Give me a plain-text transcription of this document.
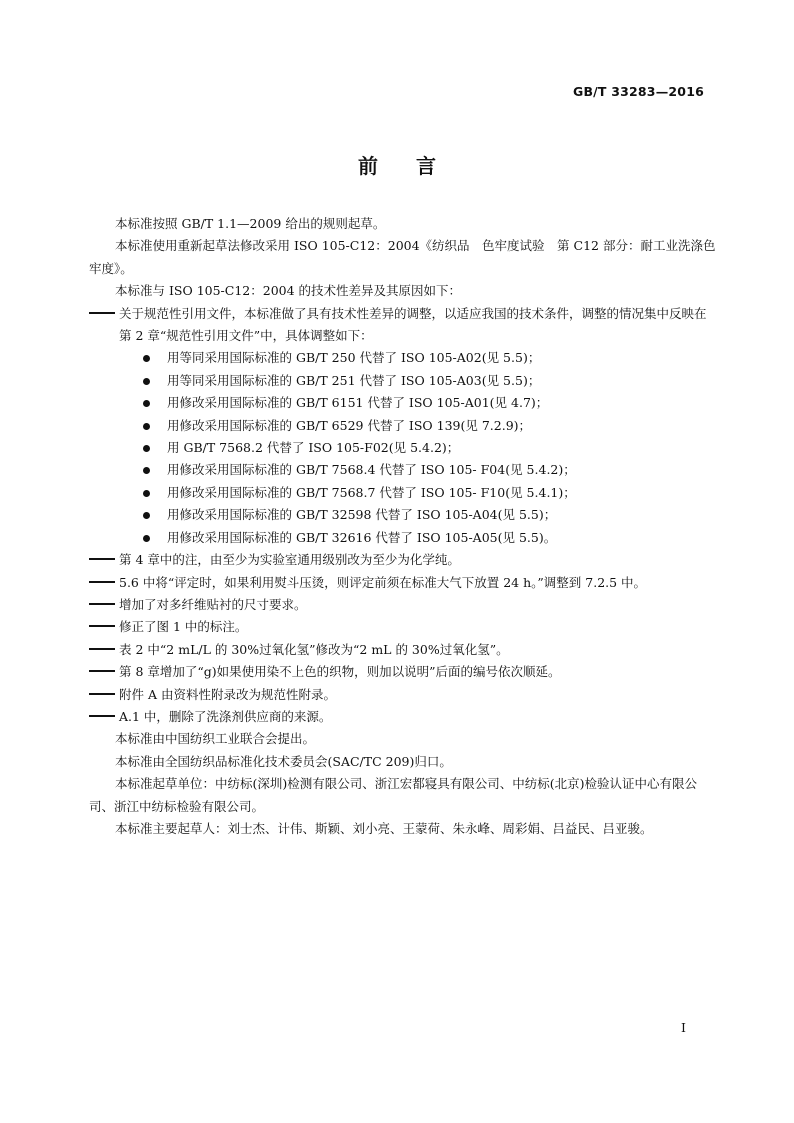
GB/T 33283—2016
前言

本标准按照 GB/T 1.1—2009 给出的规则起草。

本标准使用重新起草法修改采用 ISO 105-C12：2004《纺织品　色牢度试验　第 C12 部分：耐工业洗涤色牢度》。

本标准与 ISO 105-C12：2004 的技术性差异及其原因如下：

关于规范性引用文件，本标准做了具有技术性差异的调整，以适应我国的技术条件，调整的情况集中反映在第 2 章“规范性引用文件”中，具体调整如下：

用等同采用国际标准的 GB/T 250 代替了 ISO 105-A02(见 5.5)；
用等同采用国际标准的 GB/T 251 代替了 ISO 105-A03(见 5.5)；
用修改采用国际标准的 GB/T 6151 代替了 ISO 105-A01(见 4.7)；
用修改采用国际标准的 GB/T 6529 代替了 ISO 139(见 7.2.9)；
用 GB/T 7568.2 代替了 ISO 105-F02(见 5.4.2)；
用修改采用国际标准的 GB/T 7568.4 代替了 ISO 105- F04(见 5.4.2)；
用修改采用国际标准的 GB/T 7568.7 代替了 ISO 105- F10(见 5.4.1)；
用修改采用国际标准的 GB/T 32598 代替了 ISO 105-A04(见 5.5)；
用修改采用国际标准的 GB/T 32616 代替了 ISO 105-A05(见 5.5)。

第 4 章中的注，由至少为实验室通用级别改为至少为化学纯。

5.6 中将“评定时，如果利用熨斗压烫，则评定前须在标准大气下放置 24 h。”调整到 7.2.5 中。

增加了对多纤维贴衬的尺寸要求。

修正了图 1 中的标注。

表 2 中“2 mL/L 的 30%过氧化氢”修改为“2 mL 的 30%过氧化氢”。

第 8 章增加了“g)如果使用染不上色的织物，则加以说明”后面的编号依次顺延。

附件 A 由资料性附录改为规范性附录。

A.1 中，删除了洗涤剂供应商的来源。

本标准由中国纺织工业联合会提出。

本标准由全国纺织品标准化技术委员会(SAC/TC 209)归口。

本标准起草单位：中纺标(深圳)检测有限公司、浙江宏都寝具有限公司、中纺标(北京)检验认证中心有限公司、浙江中纺标检验有限公司。

本标准主要起草人：刘士杰、计伟、斯颖、刘小亮、王蒙荷、朱永峰、周彩娟、吕益民、吕亚骏。

I
